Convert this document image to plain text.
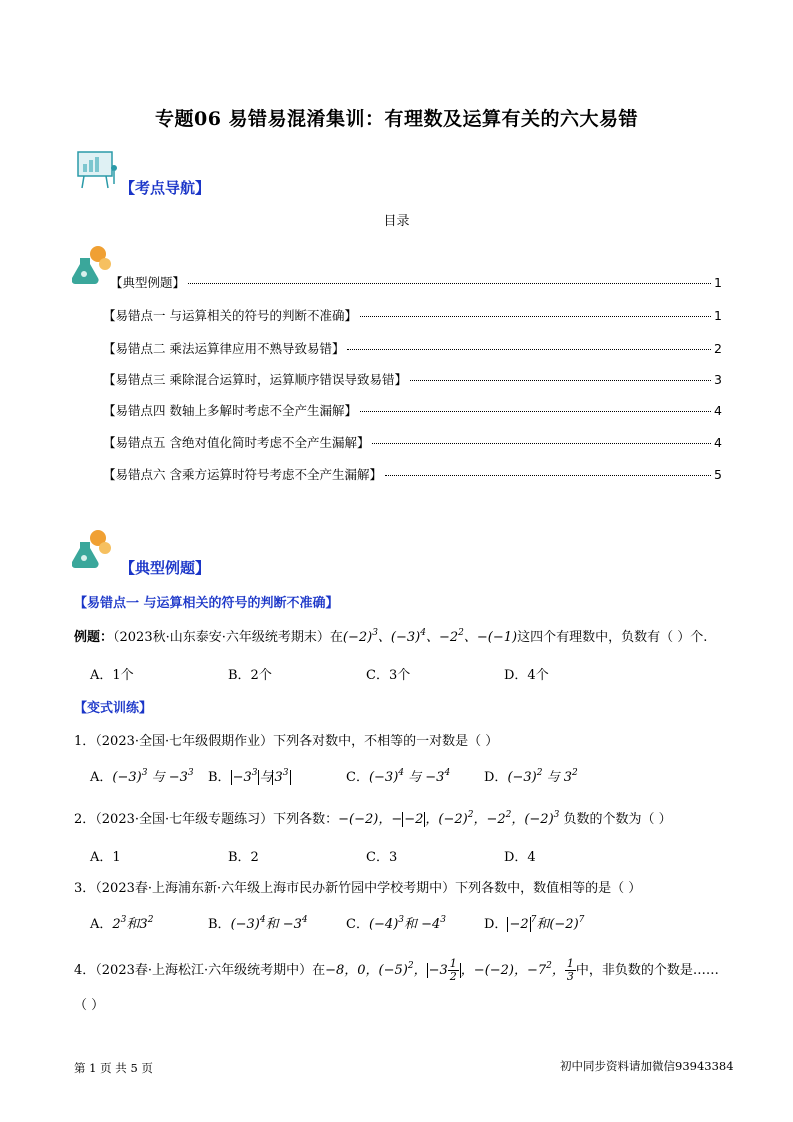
专题06 易错易混淆集训：有理数及运算有关的六大易错
【考点导航】
目录
【典型例题】	1
【易错点一 与运算相关的符号的判断不准确】	1
【易错点二 乘法运算律应用不熟导致易错】	2
【易错点三 乘除混合运算时，运算顺序错误导致易错】	3
【易错点四 数轴上多解时考虑不全产生漏解】	4
【易错点五 含绝对值化简时考虑不全产生漏解】	4
【易错点六 含乘方运算时符号考虑不全产生漏解】	5
【典型例题】
【易错点一 与运算相关的符号的判断不准确】
例题：（2023秋·山东泰安·六年级统考期末）在$(-2)^3$、$(-3)^4$、$-2^2$、−(−1)这四个有理数中，负数有（ ）个.
A．1个	B．2个	C．3个	D．4个
【变式训练】
1．（2023·全国·七年级假期作业）下列各对数中，不相等的一对数是（ ）
A．$(-3)^3$ 与 $-3^3$	B． $-3^3$ 与 $3^3$	C．$(-3)^4$ 与 $-3^4$	D．$(-3)^2$ 与 $3^2$
2．（2023·全国·七年级专题练习）下列各数：−(−2)，− −2 ，$(-2)^2$，$-2^2$，$(-2)^3$ 负数的个数为（ ）
A．1	B．2	C．3	D．4
3．（2023春·上海浦东新·六年级上海市民办新竹园中学校考期中）下列各数中，数值相等的是（ ）
A．$2^3$和$3^2$	B．$(-3)^4$和 $-3^4$	C．$(-4)^3$和 $-4^3$	D． −2 $^7$和$(-2)^7$
4．（2023春·上海松江·六年级统考期中）在−8，0，$(-5)^2$， $-3 \frac{1}{2}$ ，−(−2)，$-7^2$， $\frac{1}{3}$ 中，非负数的个数是……
（ ）
第 1 页 共 5 页	初中同步资料请加微信93943384
